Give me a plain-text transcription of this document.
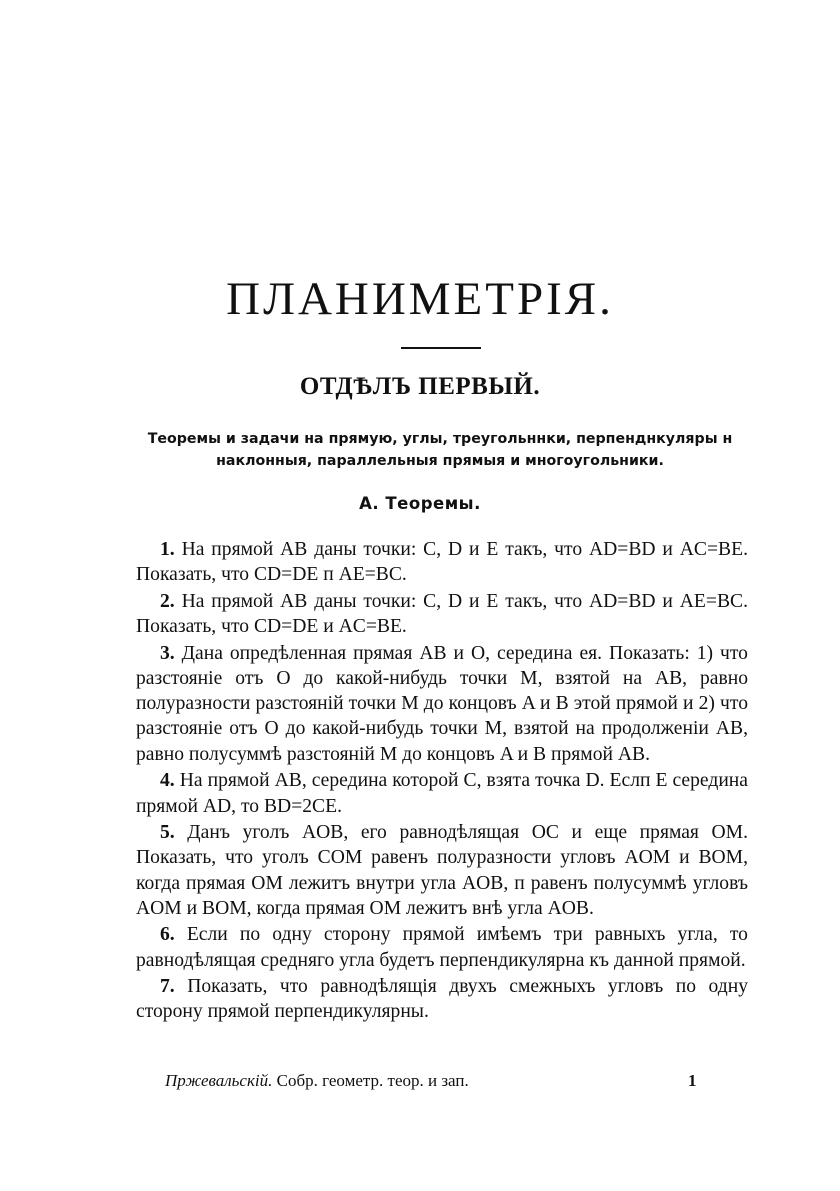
ПЛАНИМЕТРІЯ.
ОТДѢЛЪ ПЕРВЫЙ.

Теоремы и задачи на прямую, углы, треугольннки, перпенднкуляры н наклонныя, параллельныя прямыя и многоугольники.

А. Теоремы.

1. На прямой AB даны точки: C, D и E такъ, что AD=BD и AC=BE. Показать, что CD=DE п AE=BC.

2. На прямой AB даны точки: C, D и E такъ, что AD=BD и AE=BC. Показать, что CD=DE и AC=BE.

3. Дана опредѣленная прямая AB и O, середина ея. Показать: 1) что разстояніе отъ O до какой-нибудь точки M, взятой на AB, равно полуразности разстояній точки M до концовъ A и B этой прямой и 2) что разстояніе отъ O до какой-нибудь точки M, взятой на продолженіи AB, равно полусуммѣ разстояній M до концовъ A и B прямой AB.

4. На прямой AB, середина которой C, взята точка D. Еслп E середина прямой AD, то BD=2CE.

5. Данъ уголъ AOB, его равнодѣлящая OC и еще прямая OM. Показать, что уголъ COM равенъ полуразности угловъ AOM и BOM, когда прямая OM лежитъ внутри угла AOB, п равенъ полусуммѣ угловъ AOM и BOM, когда прямая OM лежитъ внѣ угла AOB.

6. Если по одну сторону прямой имѣемъ три равныхъ угла, то равнодѣлящая средняго угла будетъ перпендикулярна къ данной прямой.

7. Показать, что равнодѣлящія двухъ смежныхъ угловъ по одну сторону прямой перпендикулярны.

Пржевальскій. Собр. геометр. теор. и зап.	1
